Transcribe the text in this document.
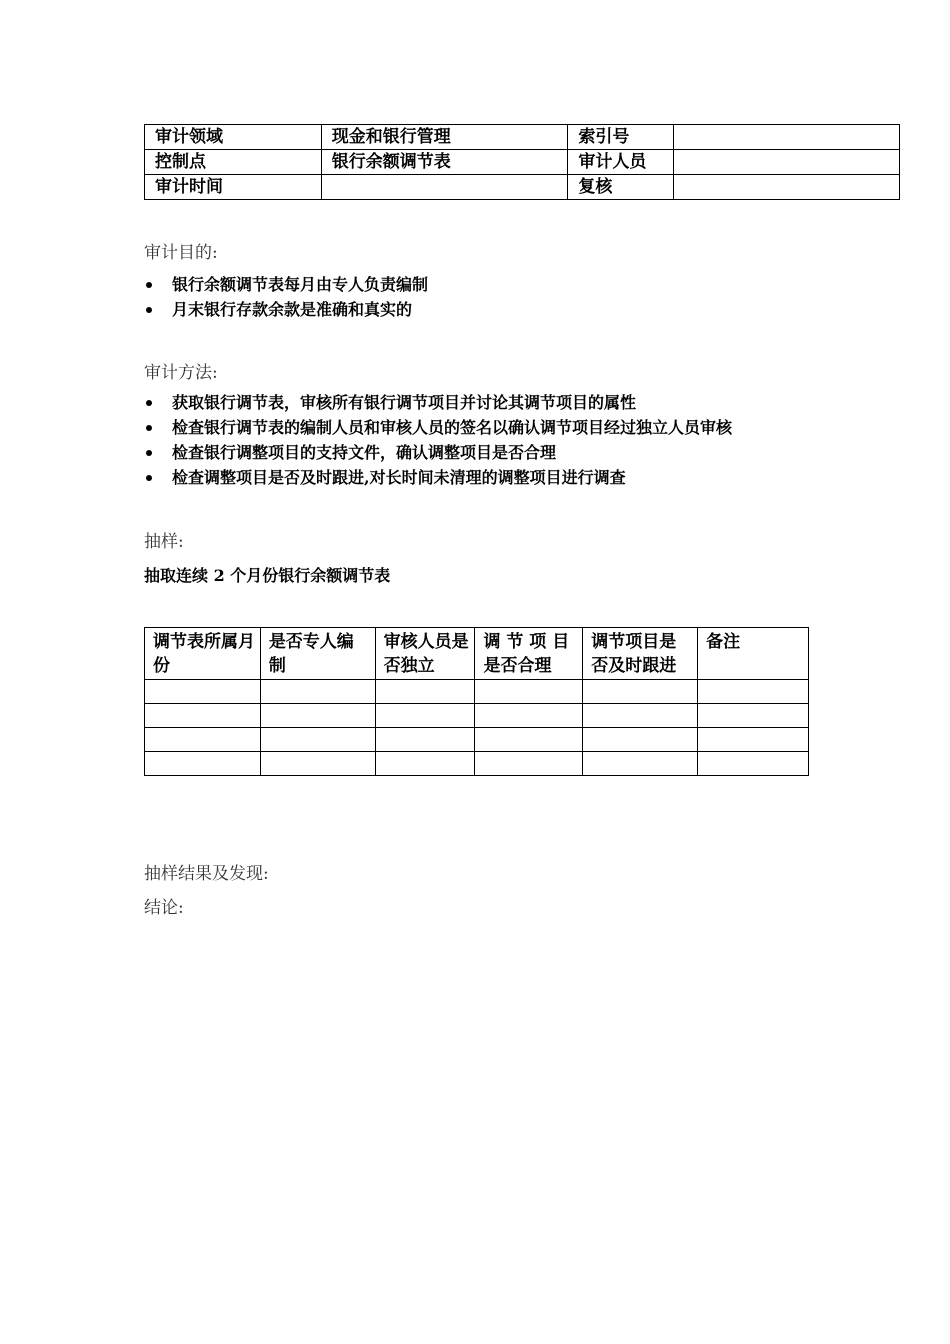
审计领域	现金和银行管理	索引号	
控制点	银行余额调节表	审计人员	
审计时间		复核	

审计目的:

银行余额调节表每月由专人负责编制
月末银行存款余款是准确和真实的

审计方法:

获取银行调节表，审核所有银行调节项目并讨论其调节项目的属性
检查银行调节表的编制人员和审核人员的签名以确认调节项目经过独立人员审核
检查银行调整项目的支持文件，确认调整项目是否合理
检查调整项目是否及时跟进,对长时间未清理的调整项目进行调查

抽样:

抽取连续 2 个月份银行余额调节表

调节表所属月份	是否专人编制	审核人员是否独立	调 节 项 目 是否合理	调节项目是否及时跟进	备注

抽样结果及发现:

结论:
